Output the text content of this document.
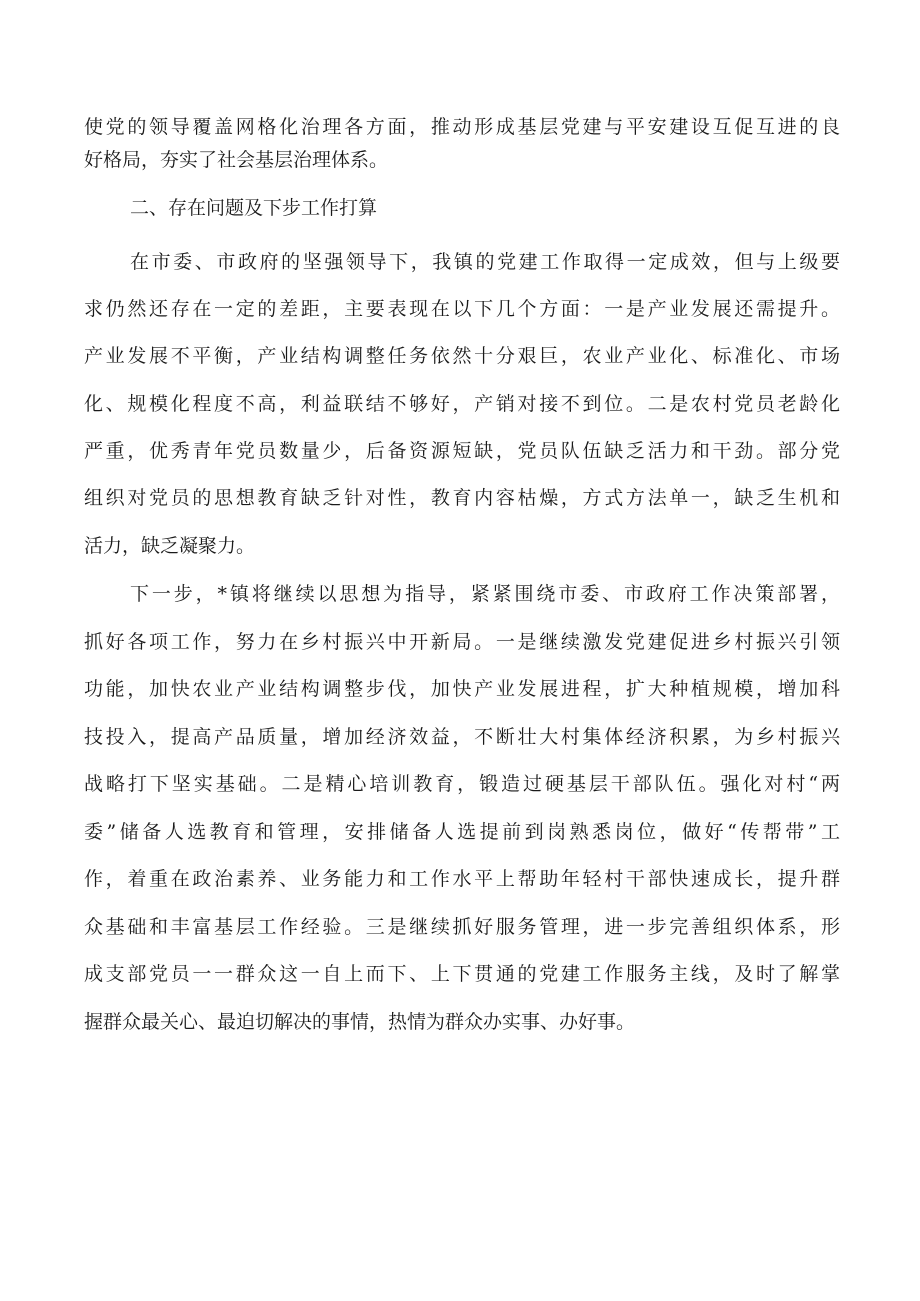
使党的领导覆盖网格化治理各方面，推动形成基层党建与平安建设互促互进的良

好格局，夯实了社会基层治理体系。

二、存在问题及下步工作打算

在市委、市政府的坚强领导下，我镇的党建工作取得一定成效，但与上级要

求仍然还存在一定的差距，主要表现在以下几个方面：一是产业发展还需提升。

产业发展不平衡，产业结构调整任务依然十分艰巨，农业产业化、标准化、市场

化、规模化程度不高，利益联结不够好，产销对接不到位。二是农村党员老龄化

严重，优秀青年党员数量少，后备资源短缺，党员队伍缺乏活力和干劲。部分党

组织对党员的思想教育缺乏针对性，教育内容枯燥，方式方法单一，缺乏生机和

活力，缺乏凝聚力。

下一步，*镇将继续以思想为指导，紧紧围绕市委、市政府工作决策部署，

抓好各项工作，努力在乡村振兴中开新局。一是继续激发党建促进乡村振兴引领

功能，加快农业产业结构调整步伐，加快产业发展进程，扩大种植规模，增加科

技投入，提高产品质量，增加经济效益，不断壮大村集体经济积累，为乡村振兴

战略打下坚实基础。二是精心培训教育，锻造过硬基层干部队伍。强化对村“两

委”储备人选教育和管理，安排储备人选提前到岗熟悉岗位，做好“传帮带”工

作，着重在政治素养、业务能力和工作水平上帮助年轻村干部快速成长，提升群

众基础和丰富基层工作经验。三是继续抓好服务管理，进一步完善组织体系，形

成支部党员一一群众这一自上而下、上下贯通的党建工作服务主线，及时了解掌

握群众最关心、最迫切解决的事情，热情为群众办实事、办好事。
